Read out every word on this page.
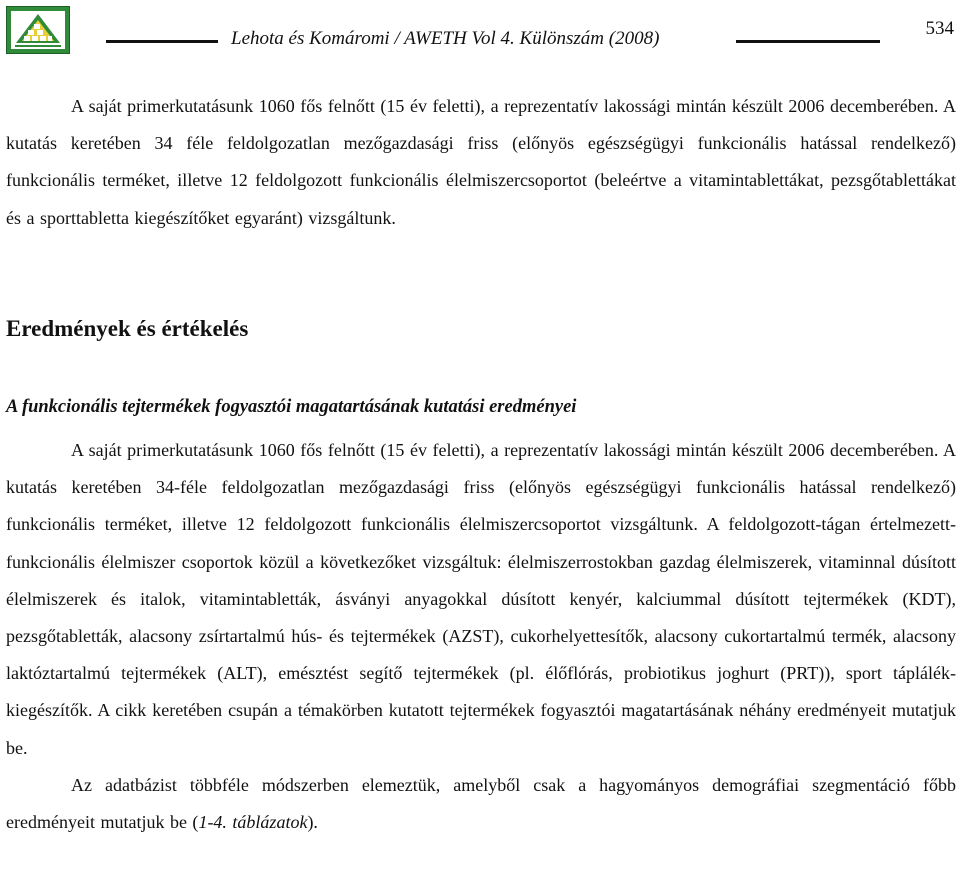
Lehota és Komáromi / AWETH Vol 4. Különszám (2008)	534

A saját primerkutatásunk 1060 fős felnőtt (15 év feletti), a reprezentatív lakossági mintán készült 2006 decemberében. A kutatás keretében 34 féle feldolgozatlan mezőgazdasági friss (előnyös egészségügyi funkcionális hatással rendelkező) funkcionális terméket, illetve 12 feldolgozott funkcionális élelmiszercsoportot (beleértve a vitamintablettákat, pezsgőtablettákat és a sporttabletta kiegészítőket egyaránt) vizsgáltunk.

Eredmények és értékelés
A funkcionális tejtermékek fogyasztói magatartásának kutatási eredményei

A saját primerkutatásunk 1060 fős felnőtt (15 év feletti), a reprezentatív lakossági mintán készült 2006 decemberében. A kutatás keretében 34-féle feldolgozatlan mezőgazdasági friss (előnyös egészségügyi funkcionális hatással rendelkező) funkcionális terméket, illetve 12 feldolgozott funkcionális élelmiszercsoportot vizsgáltunk. A feldolgozott-tágan értelmezett- funkcionális élelmiszer csoportok közül a következőket vizsgáltuk: élelmiszerrostokban gazdag élelmiszerek, vitaminnal dúsított élelmiszerek és italok, vitamintabletták, ásványi anyagokkal dúsított kenyér, kalciummal dúsított tejtermékek (KDT), pezsgőtabletták, alacsony zsírtartalmú hús- és tejtermékek (AZST), cukorhelyettesítők, alacsony cukortartalmú termék, alacsony laktóztartalmú tejtermékek (ALT), emésztést segítő tejtermékek (pl. élőflórás, probiotikus joghurt (PRT)), sport táplálék-kiegészítők. A cikk keretében csupán a témakörben kutatott tejtermékek fogyasztói magatartásának néhány eredményeit mutatjuk be.

Az adatbázist többféle módszerben elemeztük, amelyből csak a hagyományos demográfiai szegmentáció főbb eredményeit mutatjuk be (1-4. táblázatok).
